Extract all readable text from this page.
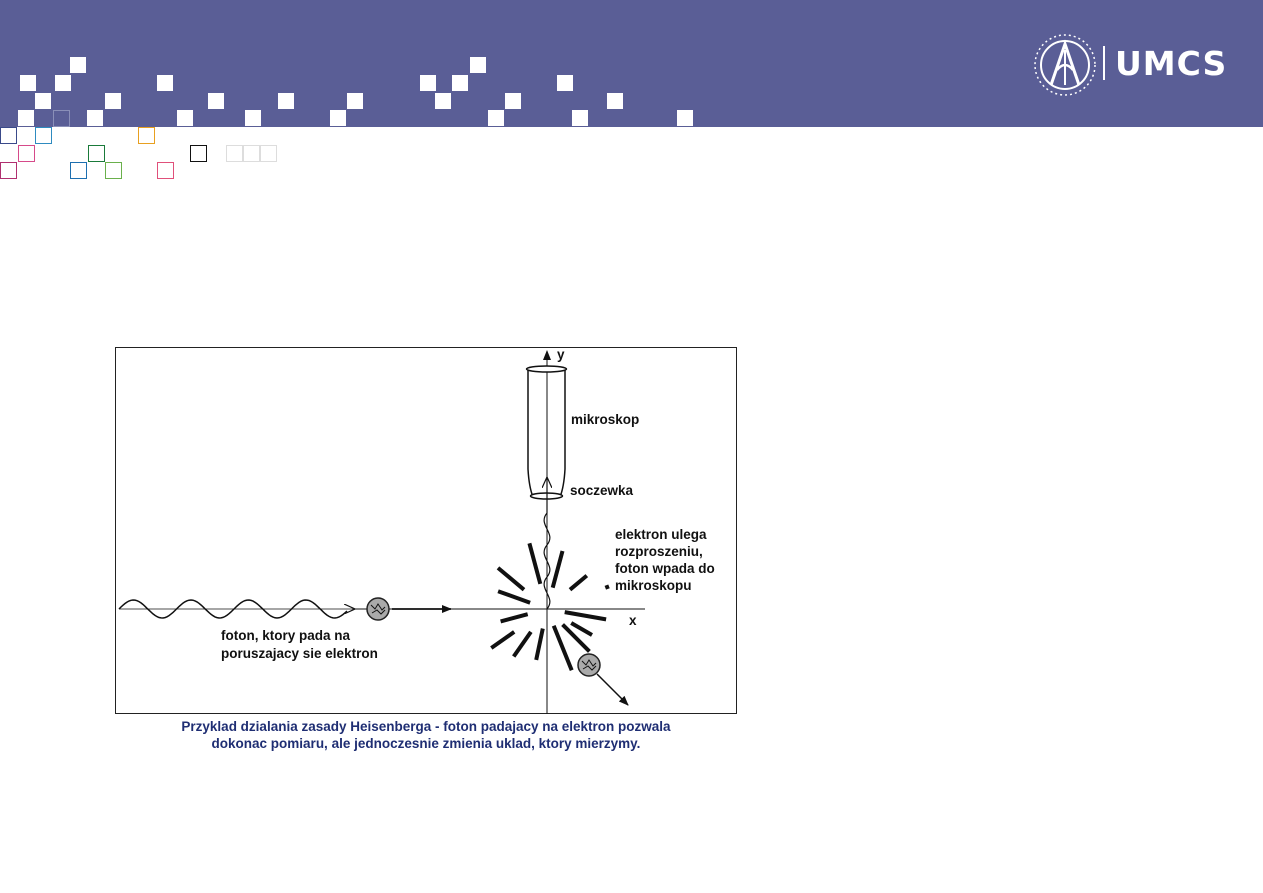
UMCS
y
x
mikroskop
soczewka
elektron ulega rozproszeniu, foton wpada do mikroskopu
foton, ktory pada na poruszajacy sie elektron
Przyklad dzialania zasady Heisenberga - foton padajacy na elektron pozwala
dokonac pomiaru, ale jednoczesnie zmienia uklad, ktory mierzymy.
